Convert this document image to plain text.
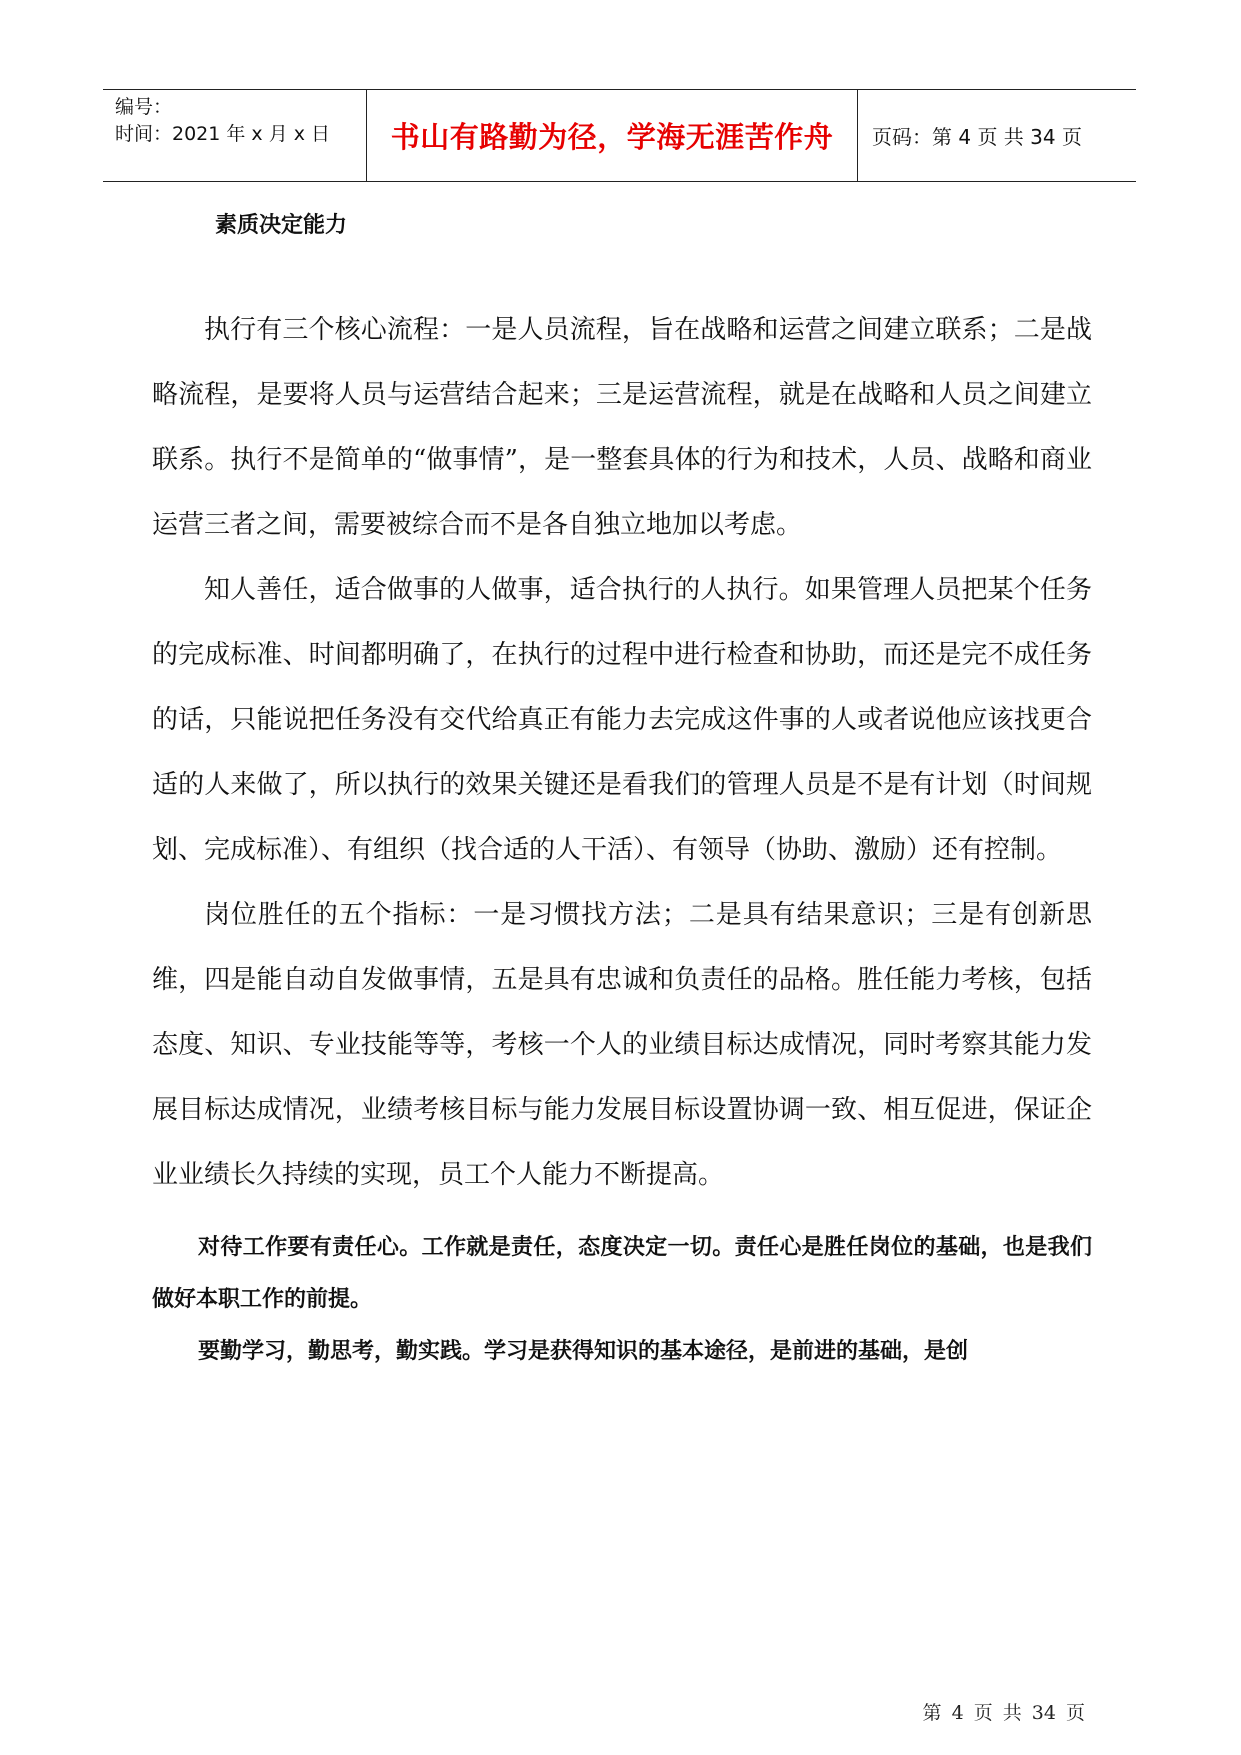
编号：
时间：2021 年 x 月 x 日	书山有路勤为径，学海无涯苦作舟	页码：第 4 页 共 34 页
素质决定能力

执行有三个核心流程：一是人员流程，旨在战略和运营之间建立联系；二是战略流程，是要将人员与运营结合起来；三是运营流程，就是在战略和人员之间建立联系。执行不是简单的“做事情”，是一整套具体的行为和技术，人员、战略和商业运营三者之间，需要被综合而不是各自独立地加以考虑。

知人善任，适合做事的人做事，适合执行的人执行。如果管理人员把某个任务的完成标准、时间都明确了，在执行的过程中进行检查和协助，而还是完不成任务的话，只能说把任务没有交代给真正有能力去完成这件事的人或者说他应该找更合适的人来做了，所以执行的效果关键还是看我们的管理人员是不是有计划（时间规划、完成标准）、有组织（找合适的人干活）、有领导（协助、激励）还有控制。

岗位胜任的五个指标：一是习惯找方法；二是具有结果意识；三是有创新思维，四是能自动自发做事情，五是具有忠诚和负责任的品格。胜任能力考核，包括态度、知识、专业技能等等，考核一个人的业绩目标达成情况，同时考察其能力发展目标达成情况，业绩考核目标与能力发展目标设置协调一致、相互促进，保证企业业绩长久持续的实现，员工个人能力不断提高。

对待工作要有责任心。工作就是责任，态度决定一切。责任心是胜任岗位的基础，也是我们做好本职工作的前提。

要勤学习，勤思考，勤实践。学习是获得知识的基本途径，是前进的基础，是创

第 4 页 共 34 页
